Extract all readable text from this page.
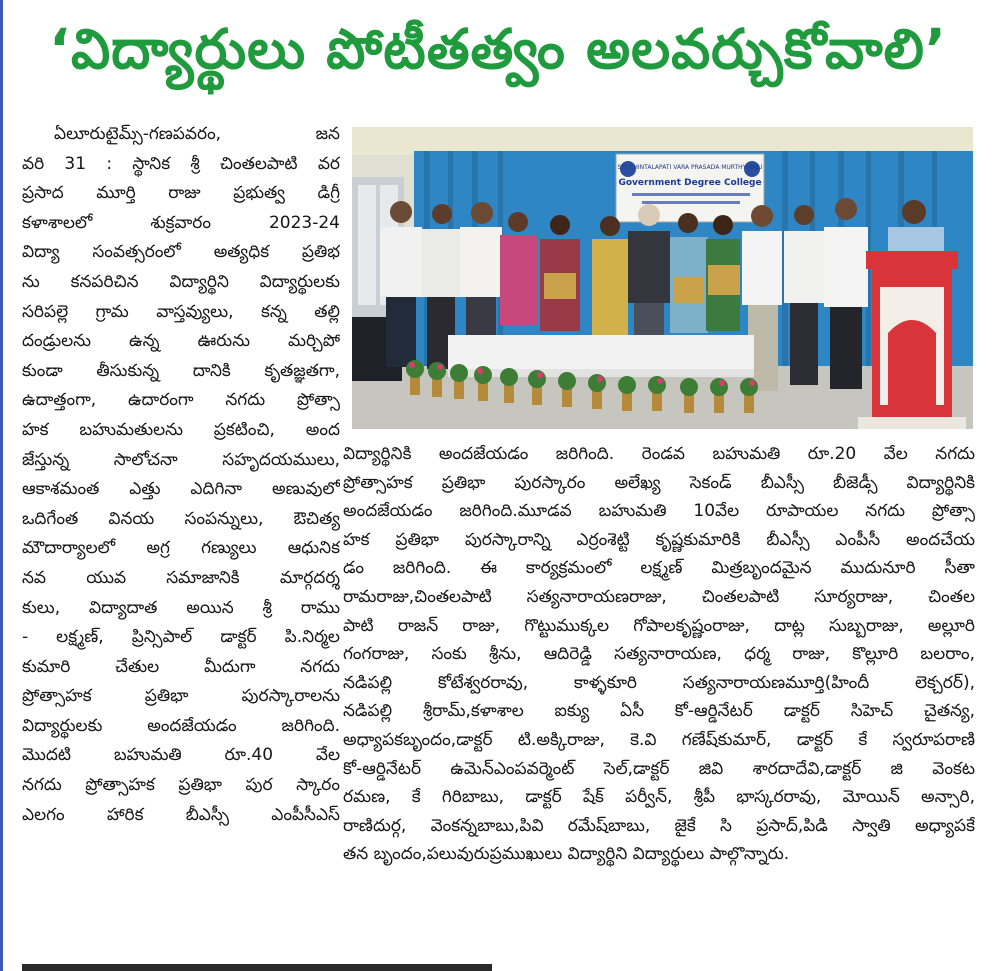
‘విద్యార్థులు పోటీతత్వం అలవర్చుకోవాలి’
ఏలూరుటైమ్స్-గణపవరం, జన
వరి 31 : స్థానిక శ్రీ చింతలపాటి వర
ప్రసాద మూర్తి రాజు ప్రభుత్వ డిగ్రీ
కళాశాలలో శుక్రవారం 2023-24
విద్యా సంవత్సరంలో అత్యధిక ప్రతిభ
ను కనపరిచిన విద్యార్థిని విద్యార్థులకు
సరిపల్లె గ్రామ వాస్తవ్యులు, కన్న తల్లి
దండ్రులను ఉన్న ఊరును మర్చిపో
కుండా తీసుకున్న దానికి కృతజ్ఞతగా,
ఉదాత్తంగా, ఉదారంగా నగదు ప్రోత్సా
హక బహుమతులను ప్రకటించి, అంద
జేస్తున్న సాలోచనా సహృదయములు,
ఆకాశమంత ఎత్తు ఎదిగినా అణువులో
ఒదిగేంత వినయ సంపన్నులు, ఔచిత్య
మౌదార్యాలలో అగ్ర గణ్యులు ఆధునిక
నవ యువ సమాజానికి మార్గదర్శ
కులు, విద్యాదాత అయిన శ్రీ రాము
- లక్ష్మణ్, ప్రిన్సిపాల్ డాక్టర్ పి.నిర్మల
కుమారి చేతుల మీదుగా నగదు
ప్రోత్సాహక ప్రతిభా పురస్కారాలను
విద్యార్థులకు అందజేయడం జరిగింది.
మొదటి బహుమతి రూ.40 వేల
నగదు ప్రోత్సాహక ప్రతిభా పుర స్కారం
ఎలగం హారిక బీఎస్సీ ఎంపీసీఎస్
SRI CHINTALAPATI VARA PRASADA MURTHY RAJU
Government Degree College
విద్యార్థినికి అందజేయడం జరిగింది. రెండవ బహుమతి రూ.20 వేల నగదు
ప్రోత్సాహక ప్రతిభా పురస్కారం అలేఖ్య సెకండ్ బీఎస్సీ బీజెడ్సీ విద్యార్థినికి
అందజేయడం జరిగింది.మూడవ బహుమతి 10వేల రూపాయల నగదు ప్రోత్సా
హక ప్రతిభా పురస్కారాన్ని ఎర్రంశెట్టి కృష్ణకుమారికి బీఎస్సీ ఎంపీసీ అందచేయ
డం జరిగింది. ఈ కార్యక్రమంలో లక్ష్మణ్ మిత్రబృందమైన ముదునూరి సీతా
రామరాజు,చింతలపాటి సత్యనారాయణరాజు, చింతలపాటి సూర్యరాజు, చింతల
పాటి రాజన్ రాజు, గొట్టుముక్కల గోపాలకృష్ణంరాజు, దాట్ల సుబ్బరాజు, అల్లూరి
గంగరాజు, సంకు శ్రీను, ఆదిరెడ్డి సత్యనారాయణ, ధర్మ రాజు, కొల్లూరి బలరాం,
నడిపల్లి కోటేశ్వరరావు, కాళ్ళకూరి సత్యనారాయణమూర్తి(హిందీ లెక్చరర్),
నడిపల్లి శ్రీరామ్,కళాశాల ఐక్యు ఏసీ కో-ఆర్డినేటర్ డాక్టర్ సిహెచ్ చైతన్య,
అధ్యాపకబృందం,డాక్టర్ టి.అక్కిరాజు, కె.వి గణేష్‌కుమార్, డాక్టర్ కే స్వరూపరాణి
కో-ఆర్డినేటర్ ఉమెన్ఎంపవర్మెంట్ సెల్,డాక్టర్ జివి శారదాదేవి,డాక్టర్ జి వెంకట
రమణ, కే గిరిబాబు, డాక్టర్ షేక్ పర్వీన్, శ్రీపీ భాస్కరరావు, మోయిన్ అన్సారి,
రాణిదుర్గ, వెంకన్నబాబు,పివి రమేష్‌బాబు, జైకే సి ప్రసాద్,పిడి స్వాతి అధ్యాపకే
తన బృందం,పలువురుప్రముఖులు విద్యార్థిని విద్యార్థులు పాల్గొన్నారు.
